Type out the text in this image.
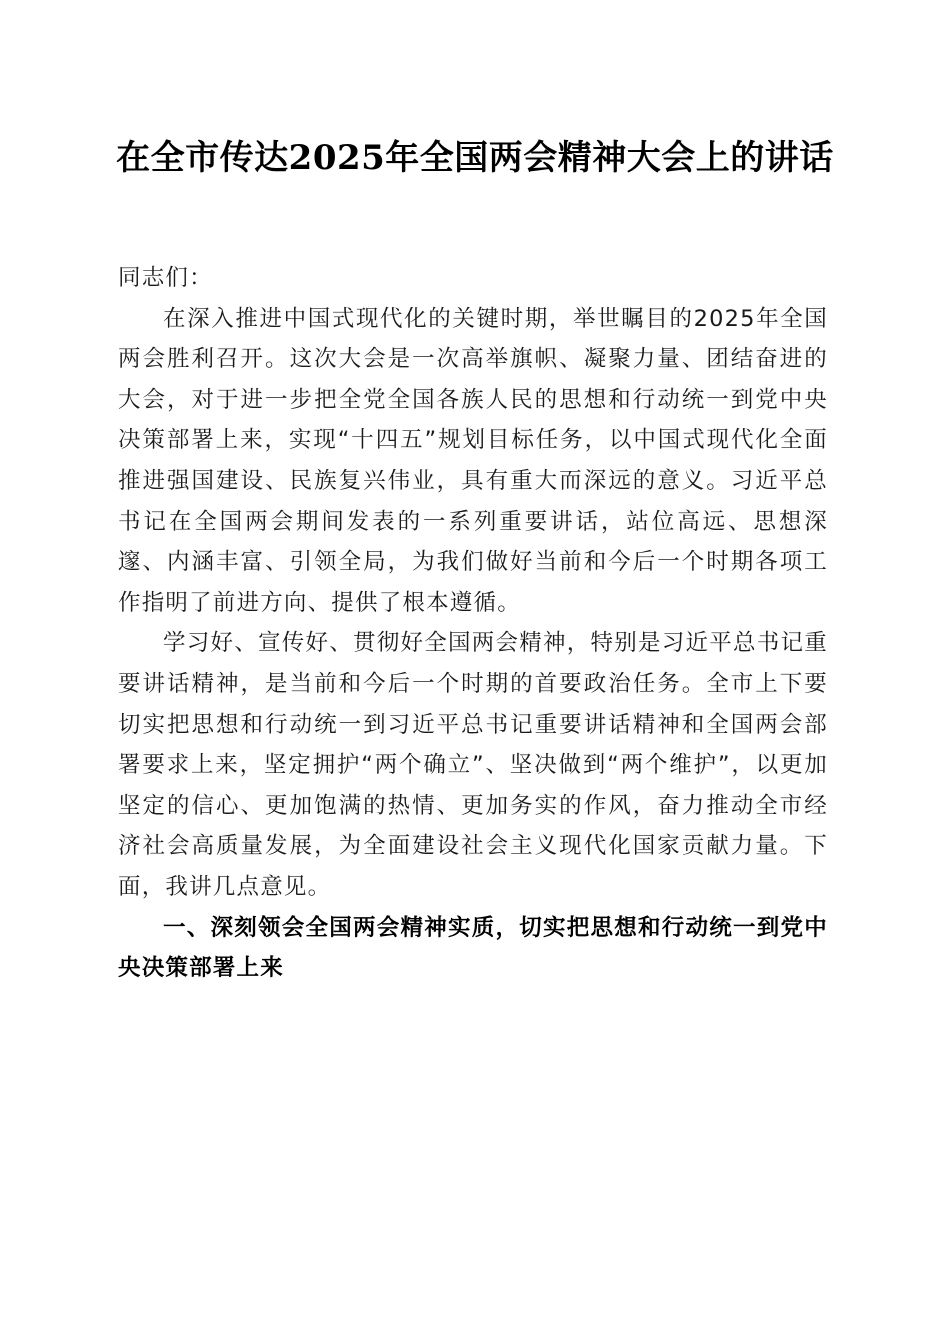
在全市传达2025年全国两会精神大会上的讲话

同志们：

在深入推进中国式现代化的关键时期，举世瞩目的2025年全国两会胜利召开。这次大会是一次高举旗帜、凝聚力量、团结奋进的大会，对于进一步把全党全国各族人民的思想和行动统一到党中央决策部署上来，实现“十四五”规划目标任务，以中国式现代化全面推进强国建设、民族复兴伟业，具有重大而深远的意义。习近平总书记在全国两会期间发表的一系列重要讲话，站位高远、思想深邃、内涵丰富、引领全局，为我们做好当前和今后一个时期各项工作指明了前进方向、提供了根本遵循。

学习好、宣传好、贯彻好全国两会精神，特别是习近平总书记重要讲话精神，是当前和今后一个时期的首要政治任务。全市上下要切实把思想和行动统一到习近平总书记重要讲话精神和全国两会部署要求上来，坚定拥护“两个确立”、坚决做到“两个维护”，以更加坚定的信心、更加饱满的热情、更加务实的作风，奋力推动全市经济社会高质量发展，为全面建设社会主义现代化国家贡献力量。下面，我讲几点意见。

一、深刻领会全国两会精神实质，切实把思想和行动统一到党中央决策部署上来
